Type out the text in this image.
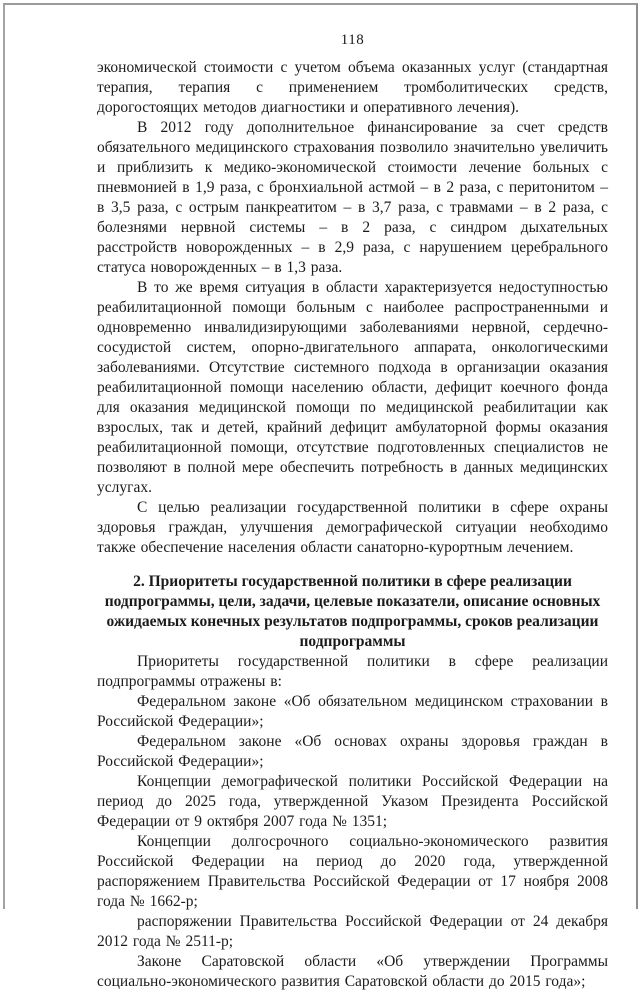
118

экономической стоимости с учетом объема оказанных услуг (стандартная терапия, терапия с применением тромболитических средств, дорогостоящих методов диагностики и оперативного лечения).

В 2012 году дополнительное финансирование за счет средств обязательного медицинского страхования позволило значительно увеличить и приблизить к медико-экономической стоимости лечение больных с пневмонией в 1,9 раза, с бронхиальной астмой – в 2 раза, с перитонитом – в 3,5 раза, с острым панкреатитом – в 3,7 раза, с травмами – в 2 раза, с болезнями нервной системы – в 2 раза, с синдром дыхательных расстройств новорожденных – в 2,9 раза, с нарушением церебрального статуса новорожденных – в 1,3 раза.

В то же время ситуация в области характеризуется недоступностью реабилитационной помощи больным с наиболее распространенными и одновременно инвалидизирующими заболеваниями нервной, сердечно-сосудистой систем, опорно-двигательного аппарата, онкологическими заболеваниями. Отсутствие системного подхода в организации оказания реабилитационной помощи населению области, дефицит коечного фонда для оказания медицинской помощи по медицинской реабилитации как взрослых, так и детей, крайний дефицит амбулаторной формы оказания реабилитационной помощи, отсутствие подготовленных специалистов не позволяют в полной мере обеспечить потребность в данных медицинских услугах.

С целью реализации государственной политики в сфере охраны здоровья граждан, улучшения демографической ситуации необходимо также обеспечение населения области санаторно-курортным лечением.

2. Приоритеты государственной политики в сфере реализации подпрограммы, цели, задачи, целевые показатели, описание основных ожидаемых конечных результатов подпрограммы, сроков реализации подпрограммы

Приоритеты государственной политики в сфере реализации подпрограммы отражены в:

Федеральном законе «Об обязательном медицинском страховании в Российской Федерации»;

Федеральном законе «Об основах охраны здоровья граждан в Российской Федерации»;

Концепции демографической политики Российской Федерации на период до 2025 года, утвержденной Указом Президента Российской Федерации от 9 октября 2007 года № 1351;

Концепции долгосрочного социально-экономического развития Российской Федерации на период до 2020 года, утвержденной распоряжением Правительства Российской Федерации от 17 ноября 2008 года № 1662-р;

распоряжении Правительства Российской Федерации от 24 декабря 2012 года № 2511-р;

Законе Саратовской области «Об утверждении Программы социально-экономического развития Саратовской области до 2015 года»;
